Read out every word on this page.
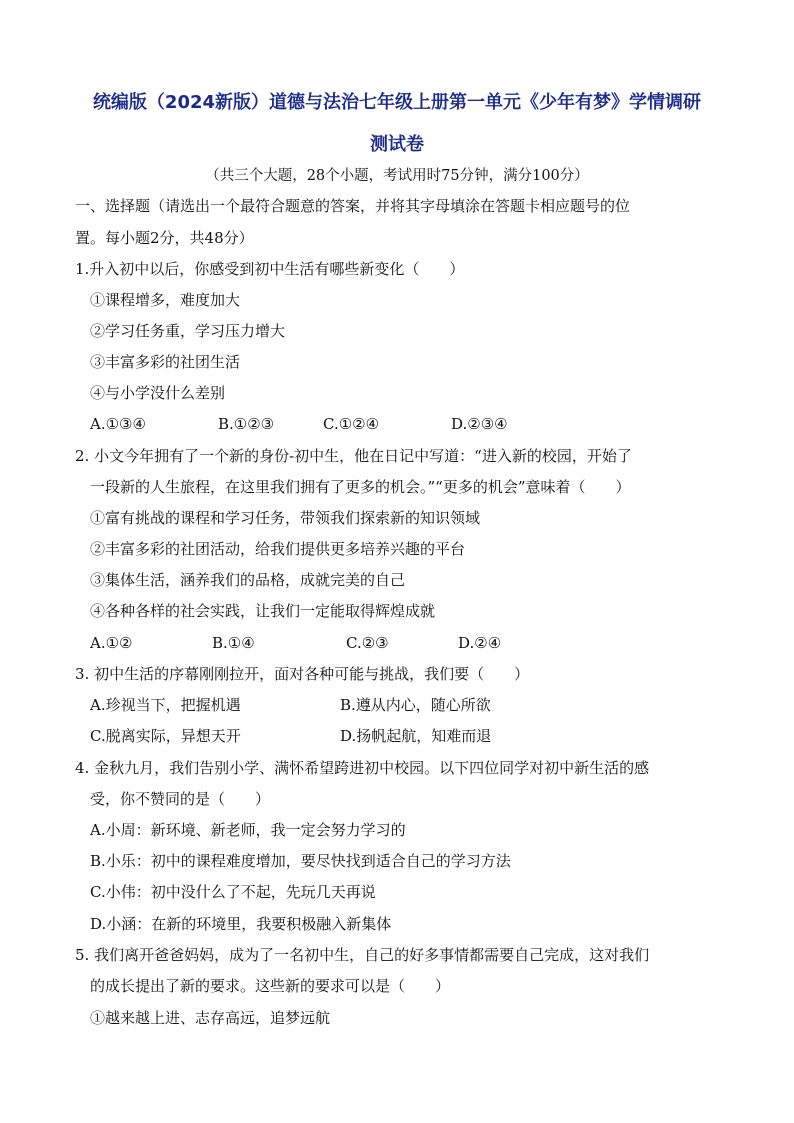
统编版（2024新版）道德与法治七年级上册第一单元《少年有梦》学情调研
测试卷
（共三个大题，28个小题，考试用时75分钟，满分100分）
一、选择题（请选出一个最符合题意的答案，并将其字母填涂在答题卡相应题号的位
置。每小题2分，共48分）
1.升入初中以后，你感受到初中生活有哪些新变化（　　）
①课程增多，难度加大
②学习任务重，学习压力增大
③丰富多彩的社团生活
④与小学没什么差别
A.①③④	B.①②③	C.①②④	D.②③④
2. 小文今年拥有了一个新的身份-初中生，他在日记中写道：“进入新的校园，开始了
一段新的人生旅程，在这里我们拥有了更多的机会。”“更多的机会”意味着（　　）
①富有挑战的课程和学习任务，带领我们探索新的知识领域
②丰富多彩的社团活动，给我们提供更多培养兴趣的平台
③集体生活，涵养我们的品格，成就完美的自己
④各种各样的社会实践，让我们一定能取得辉煌成就
A.①②	B.①④	C.②③	D.②④
3. 初中生活的序幕刚刚拉开，面对各种可能与挑战，我们要（　　）
A.珍视当下，把握机遇	B.遵从内心，随心所欲
C.脱离实际，异想天开	D.扬帆起航，知难而退
4. 金秋九月，我们告别小学、满怀希望跨进初中校园。以下四位同学对初中新生活的感
受，你不赞同的是（　　）
A.小周：新环境、新老师，我一定会努力学习的
B.小乐：初中的课程难度增加，要尽快找到适合自己的学习方法
C.小伟：初中没什么了不起，先玩几天再说
D.小涵：在新的环境里，我要积极融入新集体
5. 我们离开爸爸妈妈，成为了一名初中生，自己的好多事情都需要自己完成，这对我们
的成长提出了新的要求。这些新的要求可以是（　　）
①越来越上进、志存高远，追梦远航
